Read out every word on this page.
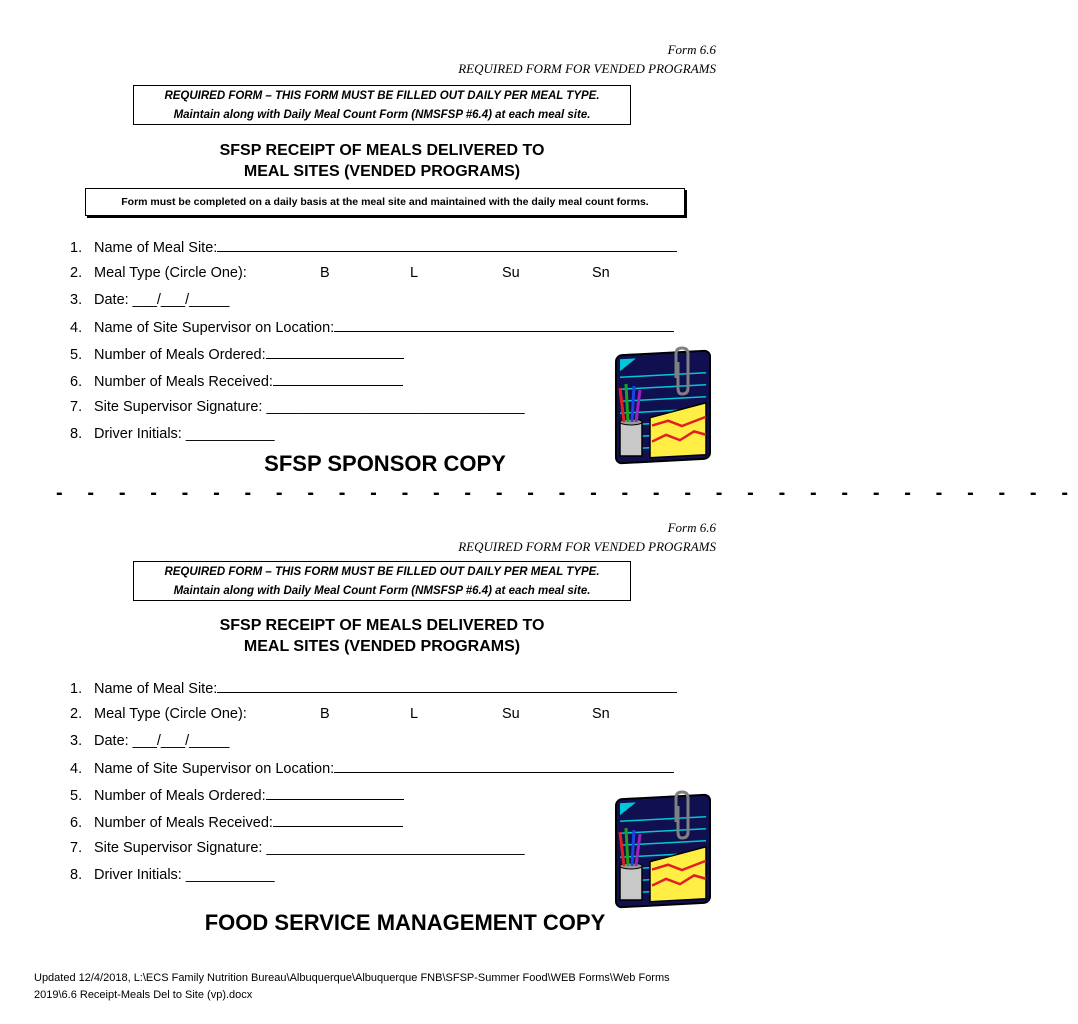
Form 6.6
REQUIRED FORM FOR VENDED PROGRAMS
REQUIRED FORM – THIS FORM MUST BE FILLED OUT DAILY PER MEAL TYPE.
Maintain along with Daily Meal Count Form (NMSFSP #6.4) at each meal site.
SFSP RECEIPT OF MEALS DELIVERED TO
MEAL SITES (VENDED PROGRAMS)
Form must be completed on a daily basis at the meal site and maintained with the daily meal count forms.
1. Name of Meal Site:
2. Meal Type (Circle One):	B	L	Su	Sn
3. Date: ___/___/_____
4. Name of Site Supervisor on Location:
5. Number of Meals Ordered:
6. Number of Meals Received:
7. Site Supervisor Signature: ________________________________
8. Driver Initials: ___________
SFSP SPONSOR COPY
- - - - - - - - - - - - - - - - - - - - - - - - - - - - - - - - -
Form 6.6
REQUIRED FORM FOR VENDED PROGRAMS
REQUIRED FORM – THIS FORM MUST BE FILLED OUT DAILY PER MEAL TYPE.
Maintain along with Daily Meal Count Form (NMSFSP #6.4) at each meal site.
SFSP RECEIPT OF MEALS DELIVERED TO
MEAL SITES (VENDED PROGRAMS)
1. Name of Meal Site:
2. Meal Type (Circle One):	B	L	Su	Sn
3. Date: ___/___/_____
4. Name of Site Supervisor on Location:
5. Number of Meals Ordered:
6. Number of Meals Received:
7. Site Supervisor Signature: ________________________________
8. Driver Initials: ___________
FOOD SERVICE MANAGEMENT COPY
Updated 12/4/2018, L:\ECS Family Nutrition Bureau\Albuquerque\Albuquerque FNB\SFSP-Summer Food\WEB Forms\Web Forms
2019\6.6 Receipt-Meals Del to Site (vp).docx
